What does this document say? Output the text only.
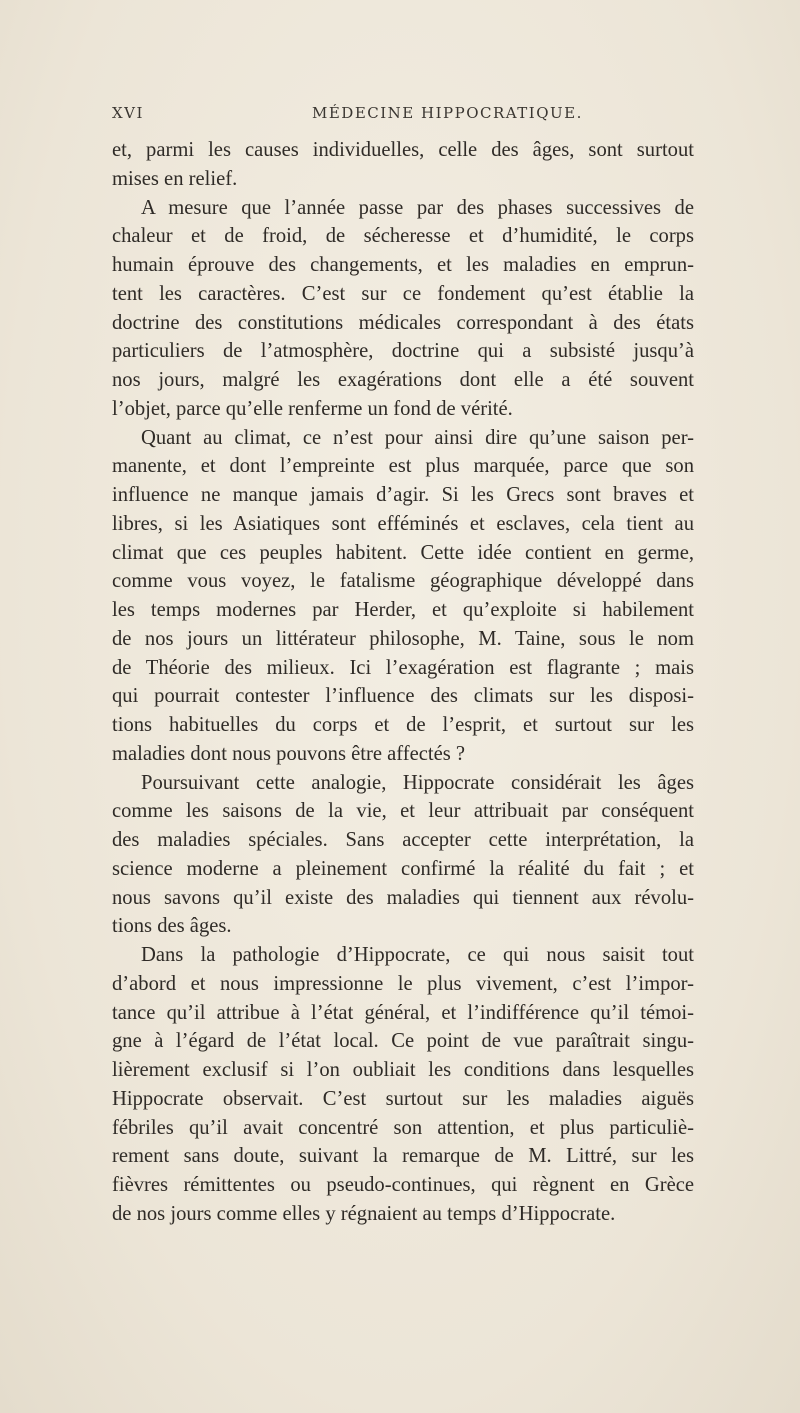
XVI	MÉDECINE HIPPOCRATIQUE.
et, parmi les causes individuelles, celle des âges, sont surtout
mises en relief.
A mesure que l’année passe par des phases successives de
chaleur et de froid, de sécheresse et d’humidité, le corps
humain éprouve des changements, et les maladies en emprun-
tent les caractères. C’est sur ce fondement qu’est établie la
doctrine des constitutions médicales correspondant à des états
particuliers de l’atmosphère, doctrine qui a subsisté jusqu’à
nos jours, malgré les exagérations dont elle a été souvent
l’objet, parce qu’elle renferme un fond de vérité.
Quant au climat, ce n’est pour ainsi dire qu’une saison per-
manente, et dont l’empreinte est plus marquée, parce que son
influence ne manque jamais d’agir. Si les Grecs sont braves et
libres, si les Asiatiques sont efféminés et esclaves, cela tient au
climat que ces peuples habitent. Cette idée contient en germe,
comme vous voyez, le fatalisme géographique développé dans
les temps modernes par Herder, et qu’exploite si habilement
de nos jours un littérateur philosophe, M. Taine, sous le nom
de Théorie des milieux. Ici l’exagération est flagrante ; mais
qui pourrait contester l’influence des climats sur les disposi-
tions habituelles du corps et de l’esprit, et surtout sur les
maladies dont nous pouvons être affectés ?
Poursuivant cette analogie, Hippocrate considérait les âges
comme les saisons de la vie, et leur attribuait par conséquent
des maladies spéciales. Sans accepter cette interprétation, la
science moderne a pleinement confirmé la réalité du fait ; et
nous savons qu’il existe des maladies qui tiennent aux révolu-
tions des âges.
Dans la pathologie d’Hippocrate, ce qui nous saisit tout
d’abord et nous impressionne le plus vivement, c’est l’impor-
tance qu’il attribue à l’état général, et l’indifférence qu’il témoi-
gne à l’égard de l’état local. Ce point de vue paraîtrait singu-
lièrement exclusif si l’on oubliait les conditions dans lesquelles
Hippocrate observait. C’est surtout sur les maladies aiguës
fébriles qu’il avait concentré son attention, et plus particuliè-
rement sans doute, suivant la remarque de M. Littré, sur les
fièvres rémittentes ou pseudo-continues, qui règnent en Grèce
de nos jours comme elles y régnaient au temps d’Hippocrate.
